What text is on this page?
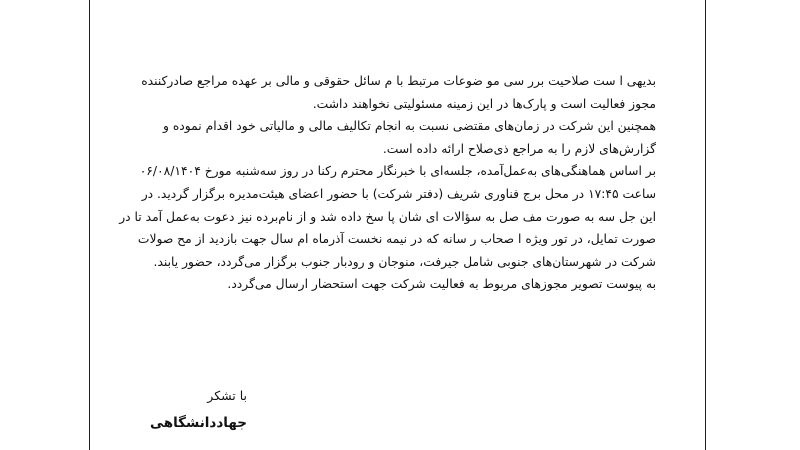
بدیهی ا ست صلاحیت برر سی مو ضوعات مرتبط با م سائل حقوقی و مالی بر عهده مراجع صادرکننده
مجوز فعالیت است و پارک‌ها در این زمینه مسئولیتی نخواهند داشت.
همچنین این شرکت در زمان‌های مقتضی نسبت به انجام تکالیف مالی و مالیاتی خود اقدام نموده و
گزارش‌های لازم را به مراجع ذی‌صلاح ارائه داده است.
بر اساس هماهنگی‌های به‌عمل‌آمده، جلسه‌ای با خبرنگار محترم رکنا در روز سه‌شنبه مورخ ۰۶/۰۸/۱۴۰۴
ساعت ۱۷:۴۵ در محل برج فناوری شریف (دفتر شرکت) با حضور اعضای هیئت‌مدیره برگزار گردید. در
این جل سه به صورت مف صل به سؤالات ای شان پا سخ داده شد و از نام‌برده نیز دعوت به‌عمل آمد تا در
صورت تمایل، در تور ویژه ا صحاب ر سانه که در نیمه نخست آذرماه ام سال جهت بازدید از مح صولات
شرکت در شهرستان‌های جنوبی شامل جیرفت، منوجان و رودبار جنوب برگزار می‌گردد، حضور یابند.
به پیوست تصویر مجوزهای مربوط به فعالیت شرکت جهت استحضار ارسال می‌گردد.
با تشکر
جهاددانشگاهی
